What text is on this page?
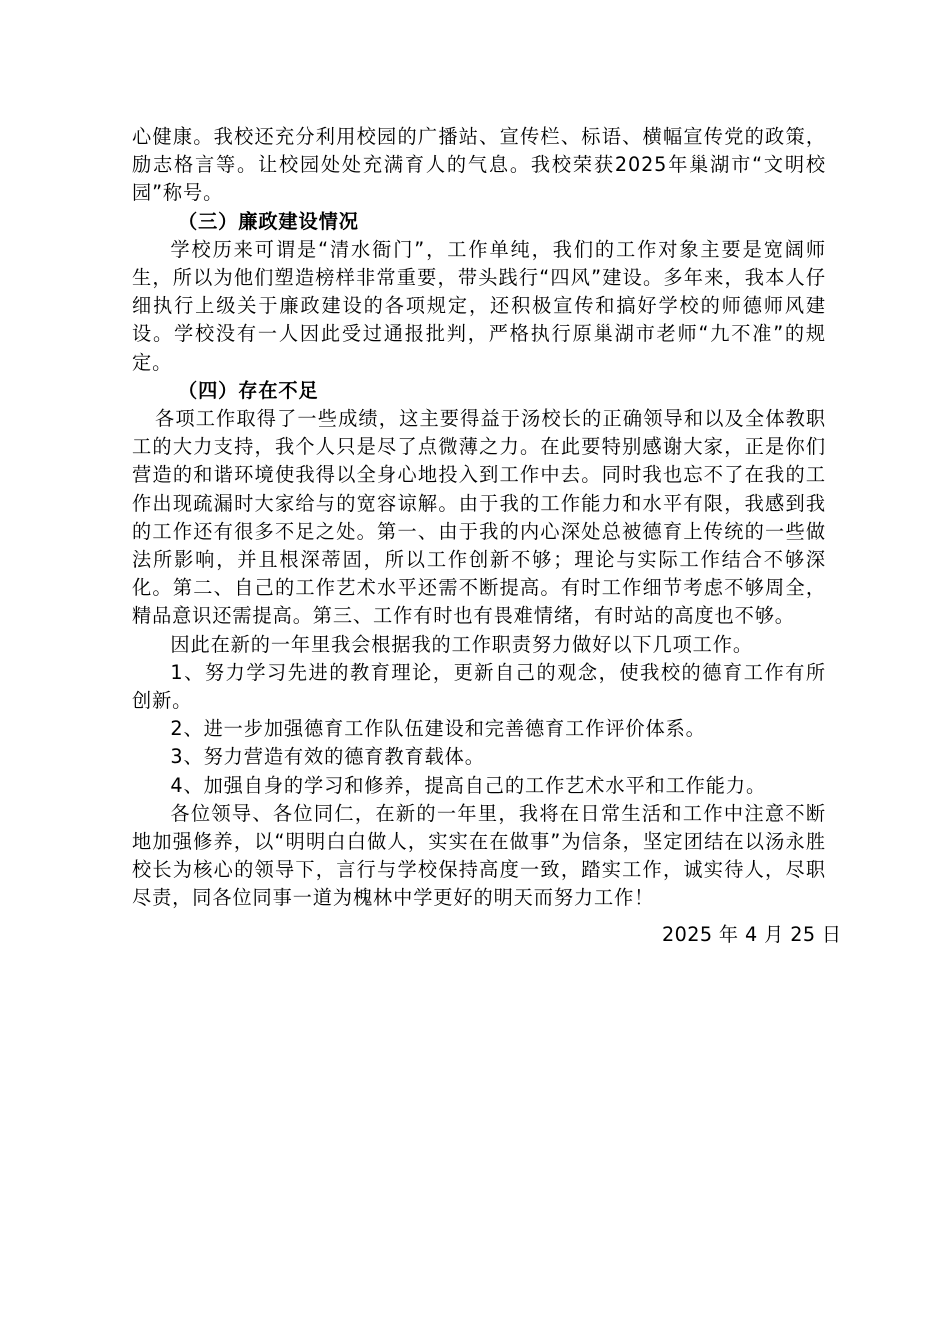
心健康。我校还充分利用校园的广播站、宣传栏、标语、横幅宣传党的政策，励志格言等。让校园处处充满育人的气息。我校荣获2025年巢湖市“文明校园”称号。

（三）廉政建设情况

学校历来可谓是“清水衙门”，工作单纯，我们的工作对象主要是宽阔师生，所以为他们塑造榜样非常重要，带头践行“四风”建设。多年来，我本人仔细执行上级关于廉政建设的各项规定，还积极宣传和搞好学校的师德师风建设。学校没有一人因此受过通报批判，严格执行原巢湖市老师“九不准”的规定。

（四）存在不足

各项工作取得了一些成绩，这主要得益于汤校长的正确领导和以及全体教职工的大力支持，我个人只是尽了点微薄之力。在此要特别感谢大家，正是你们营造的和谐环境使我得以全身心地投入到工作中去。同时我也忘不了在我的工作出现疏漏时大家给与的宽容谅解。由于我的工作能力和水平有限，我感到我的工作还有很多不足之处。第一、由于我的内心深处总被德育上传统的一些做法所影响，并且根深蒂固，所以工作创新不够；理论与实际工作结合不够深化。第二、自己的工作艺术水平还需不断提高。有时工作细节考虑不够周全，精品意识还需提高。第三、工作有时也有畏难情绪，有时站的高度也不够。

因此在新的一年里我会根据我的工作职责努力做好以下几项工作。

1、努力学习先进的教育理论，更新自己的观念，使我校的德育工作有所创新。

2、进一步加强德育工作队伍建设和完善德育工作评价体系。

3、努力营造有效的德育教育载体。

4、加强自身的学习和修养，提高自己的工作艺术水平和工作能力。

各位领导、各位同仁，在新的一年里，我将在日常生活和工作中注意不断地加强修养，以“明明白白做人，实实在在做事”为信条，坚定团结在以汤永胜校长为核心的领导下，言行与学校保持高度一致，踏实工作，诚实待人，尽职尽责，同各位同事一道为槐林中学更好的明天而努力工作！

2025 年 4 月 25 日
